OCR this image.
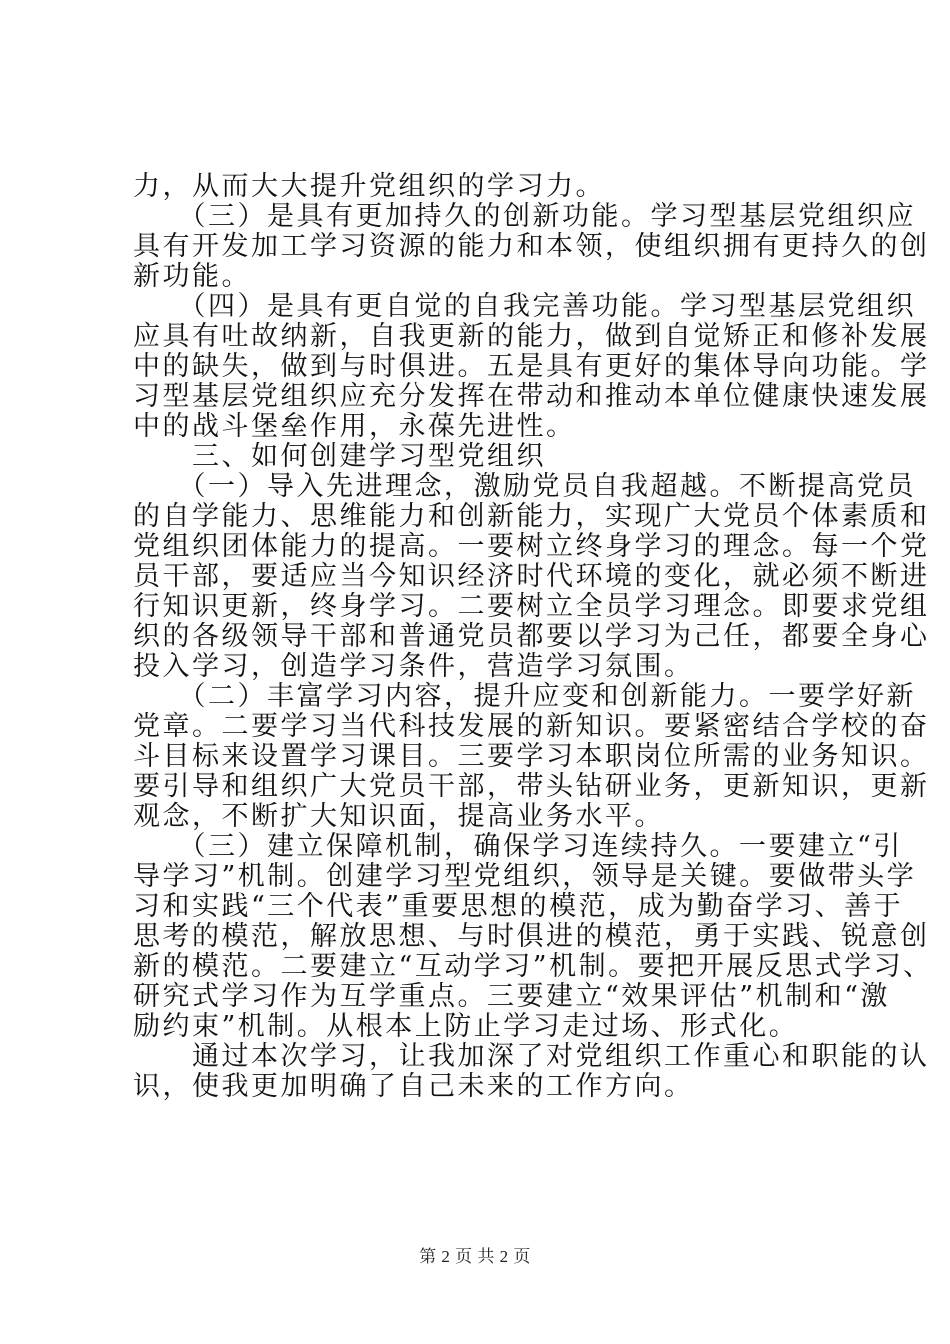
力，从而大大提升党组织的学习力。

　　（三）是具有更加持久的创新功能。学习型基层党组织应

具有开发加工学习资源的能力和本领，使组织拥有更持久的创

新功能。

　　（四）是具有更自觉的自我完善功能。学习型基层党组织

应具有吐故纳新，自我更新的能力，做到自觉矫正和修补发展

中的缺失，做到与时俱进。五是具有更好的集体导向功能。学

习型基层党组织应充分发挥在带动和推动本单位健康快速发展

中的战斗堡垒作用，永葆先进性。

　　三、如何创建学习型党组织

　　（一）导入先进理念，激励党员自我超越。不断提高党员

的自学能力、思维能力和创新能力，实现广大党员个体素质和

党组织团体能力的提高。一要树立终身学习的理念。每一个党

员干部，要适应当今知识经济时代环境的变化，就必须不断进

行知识更新，终身学习。二要树立全员学习理念。即要求党组

织的各级领导干部和普通党员都要以学习为己任，都要全身心

投入学习，创造学习条件，营造学习氛围。

　　（二）丰富学习内容，提升应变和创新能力。一要学好新

党章。二要学习当代科技发展的新知识。要紧密结合学校的奋

斗目标来设置学习课目。三要学习本职岗位所需的业务知识。

要引导和组织广大党员干部，带头钻研业务，更新知识，更新

观念，不断扩大知识面，提高业务水平。

　　（三）建立保障机制，确保学习连续持久。一要建立“引

导学习”机制。创建学习型党组织，领导是关键。要做带头学

习和实践“三个代表”重要思想的模范，成为勤奋学习、善于

思考的模范，解放思想、与时俱进的模范，勇于实践、锐意创

新的模范。二要建立“互动学习”机制。要把开展反思式学习、

研究式学习作为互学重点。三要建立“效果评估”机制和“激

励约束”机制。从根本上防止学习走过场、形式化。

　　通过本次学习，让我加深了对党组织工作重心和职能的认

识，使我更加明确了自己未来的工作方向。

第 2 页 共 2 页
